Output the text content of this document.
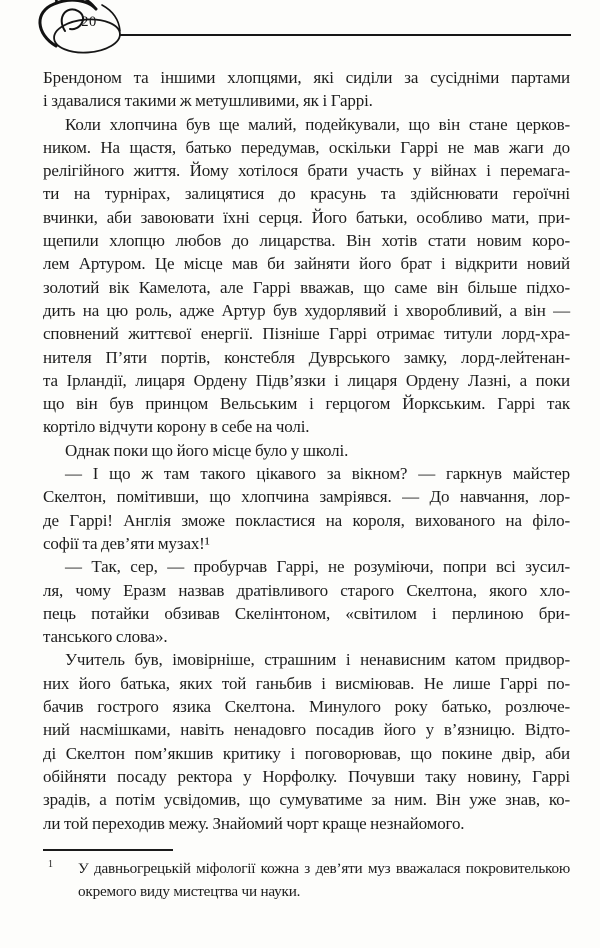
20
Брендоном та іншими хлопцями, які сиділи за сусідніми партами
і здавалися такими ж метушливими, як і Гаррі.
Коли хлопчина був ще малий, подейкували, що він стане церков-
ником. На щастя, батько передумав, оскільки Гаррі не мав жаги до
релігійного життя. Йому хотілося брати участь у війнах і перемага-
ти на турнірах, залицятися до красунь та здійснювати героїчні
вчинки, аби завоювати їхні серця. Його батьки, особливо мати, при-
щепили хлопцю любов до лицарства. Він хотів стати новим коро-
лем Артуром. Це місце мав би зайняти його брат і відкрити новий
золотий вік Камелота, але Гаррі вважав, що саме він більше підхо-
дить на цю роль, адже Артур був худорлявий і хворобливий, а він —
сповнений життєвої енергії. Пізніше Гаррі отримає титули лорд-хра-
нителя П’яти портів, констебля Дуврського замку, лорд-лейтенан-
та Ірландії, лицаря Ордену Підв’язки і лицаря Ордену Лазні, а поки
що він був принцом Вельським і герцогом Йоркським. Гаррі так
кортіло відчути корону в себе на чолі.
Однак поки що його місце було у школі.
— І що ж там такого цікавого за вікном? — гаркнув майстер
Скелтон, помітивши, що хлопчина замріявся. — До навчання, лор-
де Гаррі! Англія зможе покластися на короля, вихованого на філо-
софії та дев’яти музах!¹
— Так, сер, — пробурчав Гаррі, не розуміючи, попри всі зусил-
ля, чому Еразм назвав дратівливого старого Скелтона, якого хло-
пець потайки обзивав Скелінтоном, «світилом і перлиною бри-
танського слова».
Учитель був, імовірніше, страшним і ненависним катом придвор-
них його батька, яких той ганьбив і висміював. Не лише Гаррі по-
бачив гострого язика Скелтона. Минулого року батько, розлюче-
ний насмішками, навіть ненадовго посадив його у в’язницю. Відто-
ді Скелтон пом’якшив критику і поговорював, що покине двір, аби
обійняти посаду ректора у Норфолку. Почувши таку новину, Гаррі
зрадів, а потім усвідомив, що сумуватиме за ним. Він уже знав, ко-
ли той переходив межу. Знайомий чорт краще незнайомого.
1 У давньогрецькій міфології кожна з дев’яти муз вважалася покровителькою
окремого виду мистецтва чи науки.
